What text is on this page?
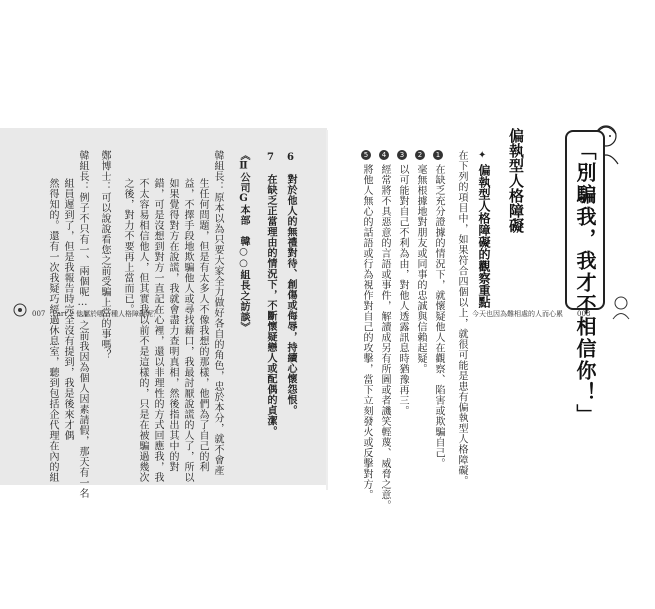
6　對於他人的無禮對待、創傷或侮辱，持續心懷怨恨。
7　在缺乏正當理由的情況下，不斷懷疑戀人或配偶的貞潔。
《Ⅱ公司G本部　韓○○組長之訪談》
韓組長：原本以為只要大家全力做好各自的角色，忠於本分，就不會產
生任何問題，但是有太多人不像我想的那樣，他們為了自己的利
益，不擇手段地欺騙他人或尋找藉口，我最討厭說謊的人了，所以
如果覺得對方在說謊，我就會盡力查明真相，然後指出其中的對
錯，可是沒想到對方一直記在心裡，還以非理性的方式回應我，我
不太容易相信他人，但其實我以前不是這樣的，只是在被騙過幾次
之後，對力不要再上當而已。
鄭博士：可以說說看您之前受騙上當的事嗎？
韓組長：例子不只有一、兩個呢……之前我因為個人因素請假，那天有一名
組員遲到了，但是我報告時完全沒有提到，我是後來才偶
然得知的。還有一次我疑巧經過休息室，聽到包括企代理在內的組
007　Part 2 他屬於哪一種人格障礙呢？	「別騙我，我才不相信你！」
偏執型人格障礙
✦
偏執型人格障礙的觀察重點
在下列的項目中，如果符合四個以上，就很可能是患有偏執型人格障礙。
1
在缺乏充分證據的情況下，就懷疑他人在觀察、陷害或欺騙自己。
2
毫無根據地對朋友或同事的忠誠與信賴起疑。
3
以可能對自己不利為由，對他人透露訊息時猶豫再三。
4
經常將不具惡意的言語或事件，解讀成另有所圖或者譏笑輕蔑、威脅之意。
5
將他人無心的話語或行為視作對自己的攻擊，當下立刻發火或反擊對方。	今天也因為難相處的人而心累　　008
